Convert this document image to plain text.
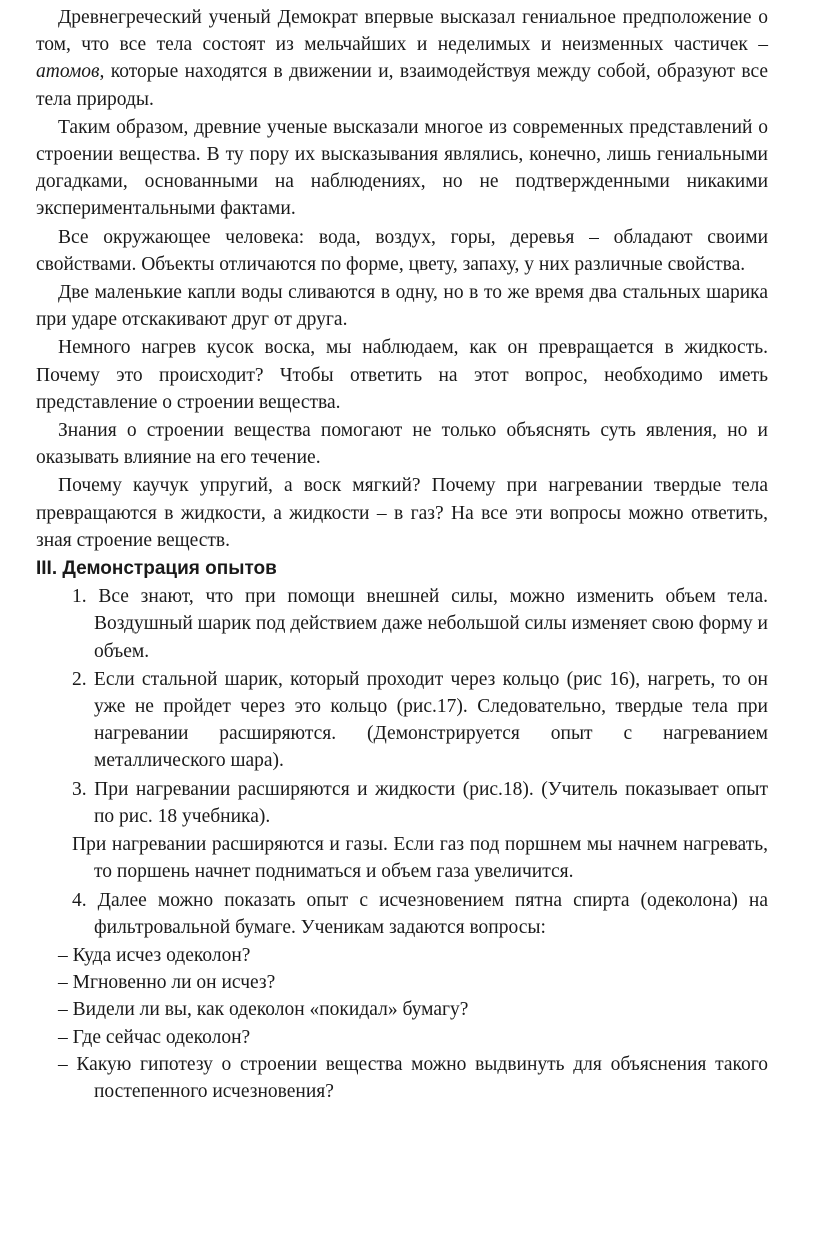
Древнегреческий ученый Демократ впервые высказал гениальное предположение о том, что все тела состоят из мельчайших и неделимых и неизменных частичек – атомов, которые находятся в движении и, взаимодействуя между собой, образуют все тела природы.

Таким образом, древние ученые высказали многое из современных представлений о строении вещества. В ту пору их высказывания являлись, конечно, лишь гениальными догадками, основанными на наблюдениях, но не подтвержденными никакими экспериментальными фактами.

Все окружающее человека: вода, воздух, горы, деревья – обладают своими свойствами. Объекты отличаются по форме, цвету, запаху, у них различные свойства.

Две маленькие капли воды сливаются в одну, но в то же время два стальных шарика при ударе отскакивают друг от друга.

Немного нагрев кусок воска, мы наблюдаем, как он превращается в жидкость. Почему это происходит? Чтобы ответить на этот вопрос, необходимо иметь представление о строении вещества.

Знания о строении вещества помогают не только объяснять суть явления, но и оказывать влияние на его течение.

Почему каучук упругий, а воск мягкий? Почему при нагревании твердые тела превращаются в жидкости, а жидкости – в газ? На все эти вопросы можно ответить, зная строение веществ.

III. Демонстрация опытов

1. Все знают, что при помощи внешней силы, можно изменить объем тела. Воздушный шарик под действием даже небольшой силы изменяет свою форму и объем.

2. Если стальной шарик, который проходит через кольцо (рис 16), нагреть, то он уже не пройдет через это кольцо (рис.17). Следовательно, твердые тела при нагревании расширяются. (Демонстрируется опыт с нагреванием металлического шара).

3. При нагревании расширяются и жидкости (рис.18). (Учитель показывает опыт по рис. 18 учебника).

При нагревании расширяются и газы. Если газ под поршнем мы начнем нагревать, то поршень начнет подниматься и объем газа увеличится.

4. Далее можно показать опыт с исчезновением пятна спирта (одеколона) на фильтровальной бумаге. Ученикам задаются вопросы:

– Куда исчез одеколон?

– Мгновенно ли он исчез?

– Видели ли вы, как одеколон «покидал» бумагу?

– Где сейчас одеколон?

– Какую гипотезу о строении вещества можно выдвинуть для объяснения такого постепенного исчезновения?
